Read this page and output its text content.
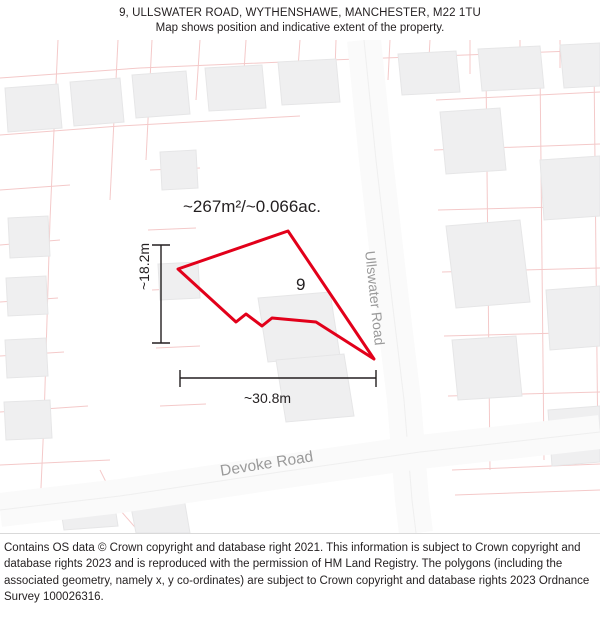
9, ULLSWATER ROAD, WYTHENSHAWE, MANCHESTER, M22 1TU
Map shows position and indicative extent of the property.
~267m²/~0.066ac.
9
~18.2m
~30.8m
Ullswater Road
Devoke Road

Contains OS data © Crown copyright and database right 2021. This information is subject to Crown copyright and database rights 2023 and is reproduced with the permission of HM Land Registry. The polygons (including the associated geometry, namely x, y co-ordinates) are subject to Crown copyright and database rights 2023 Ordnance Survey 100026316.
